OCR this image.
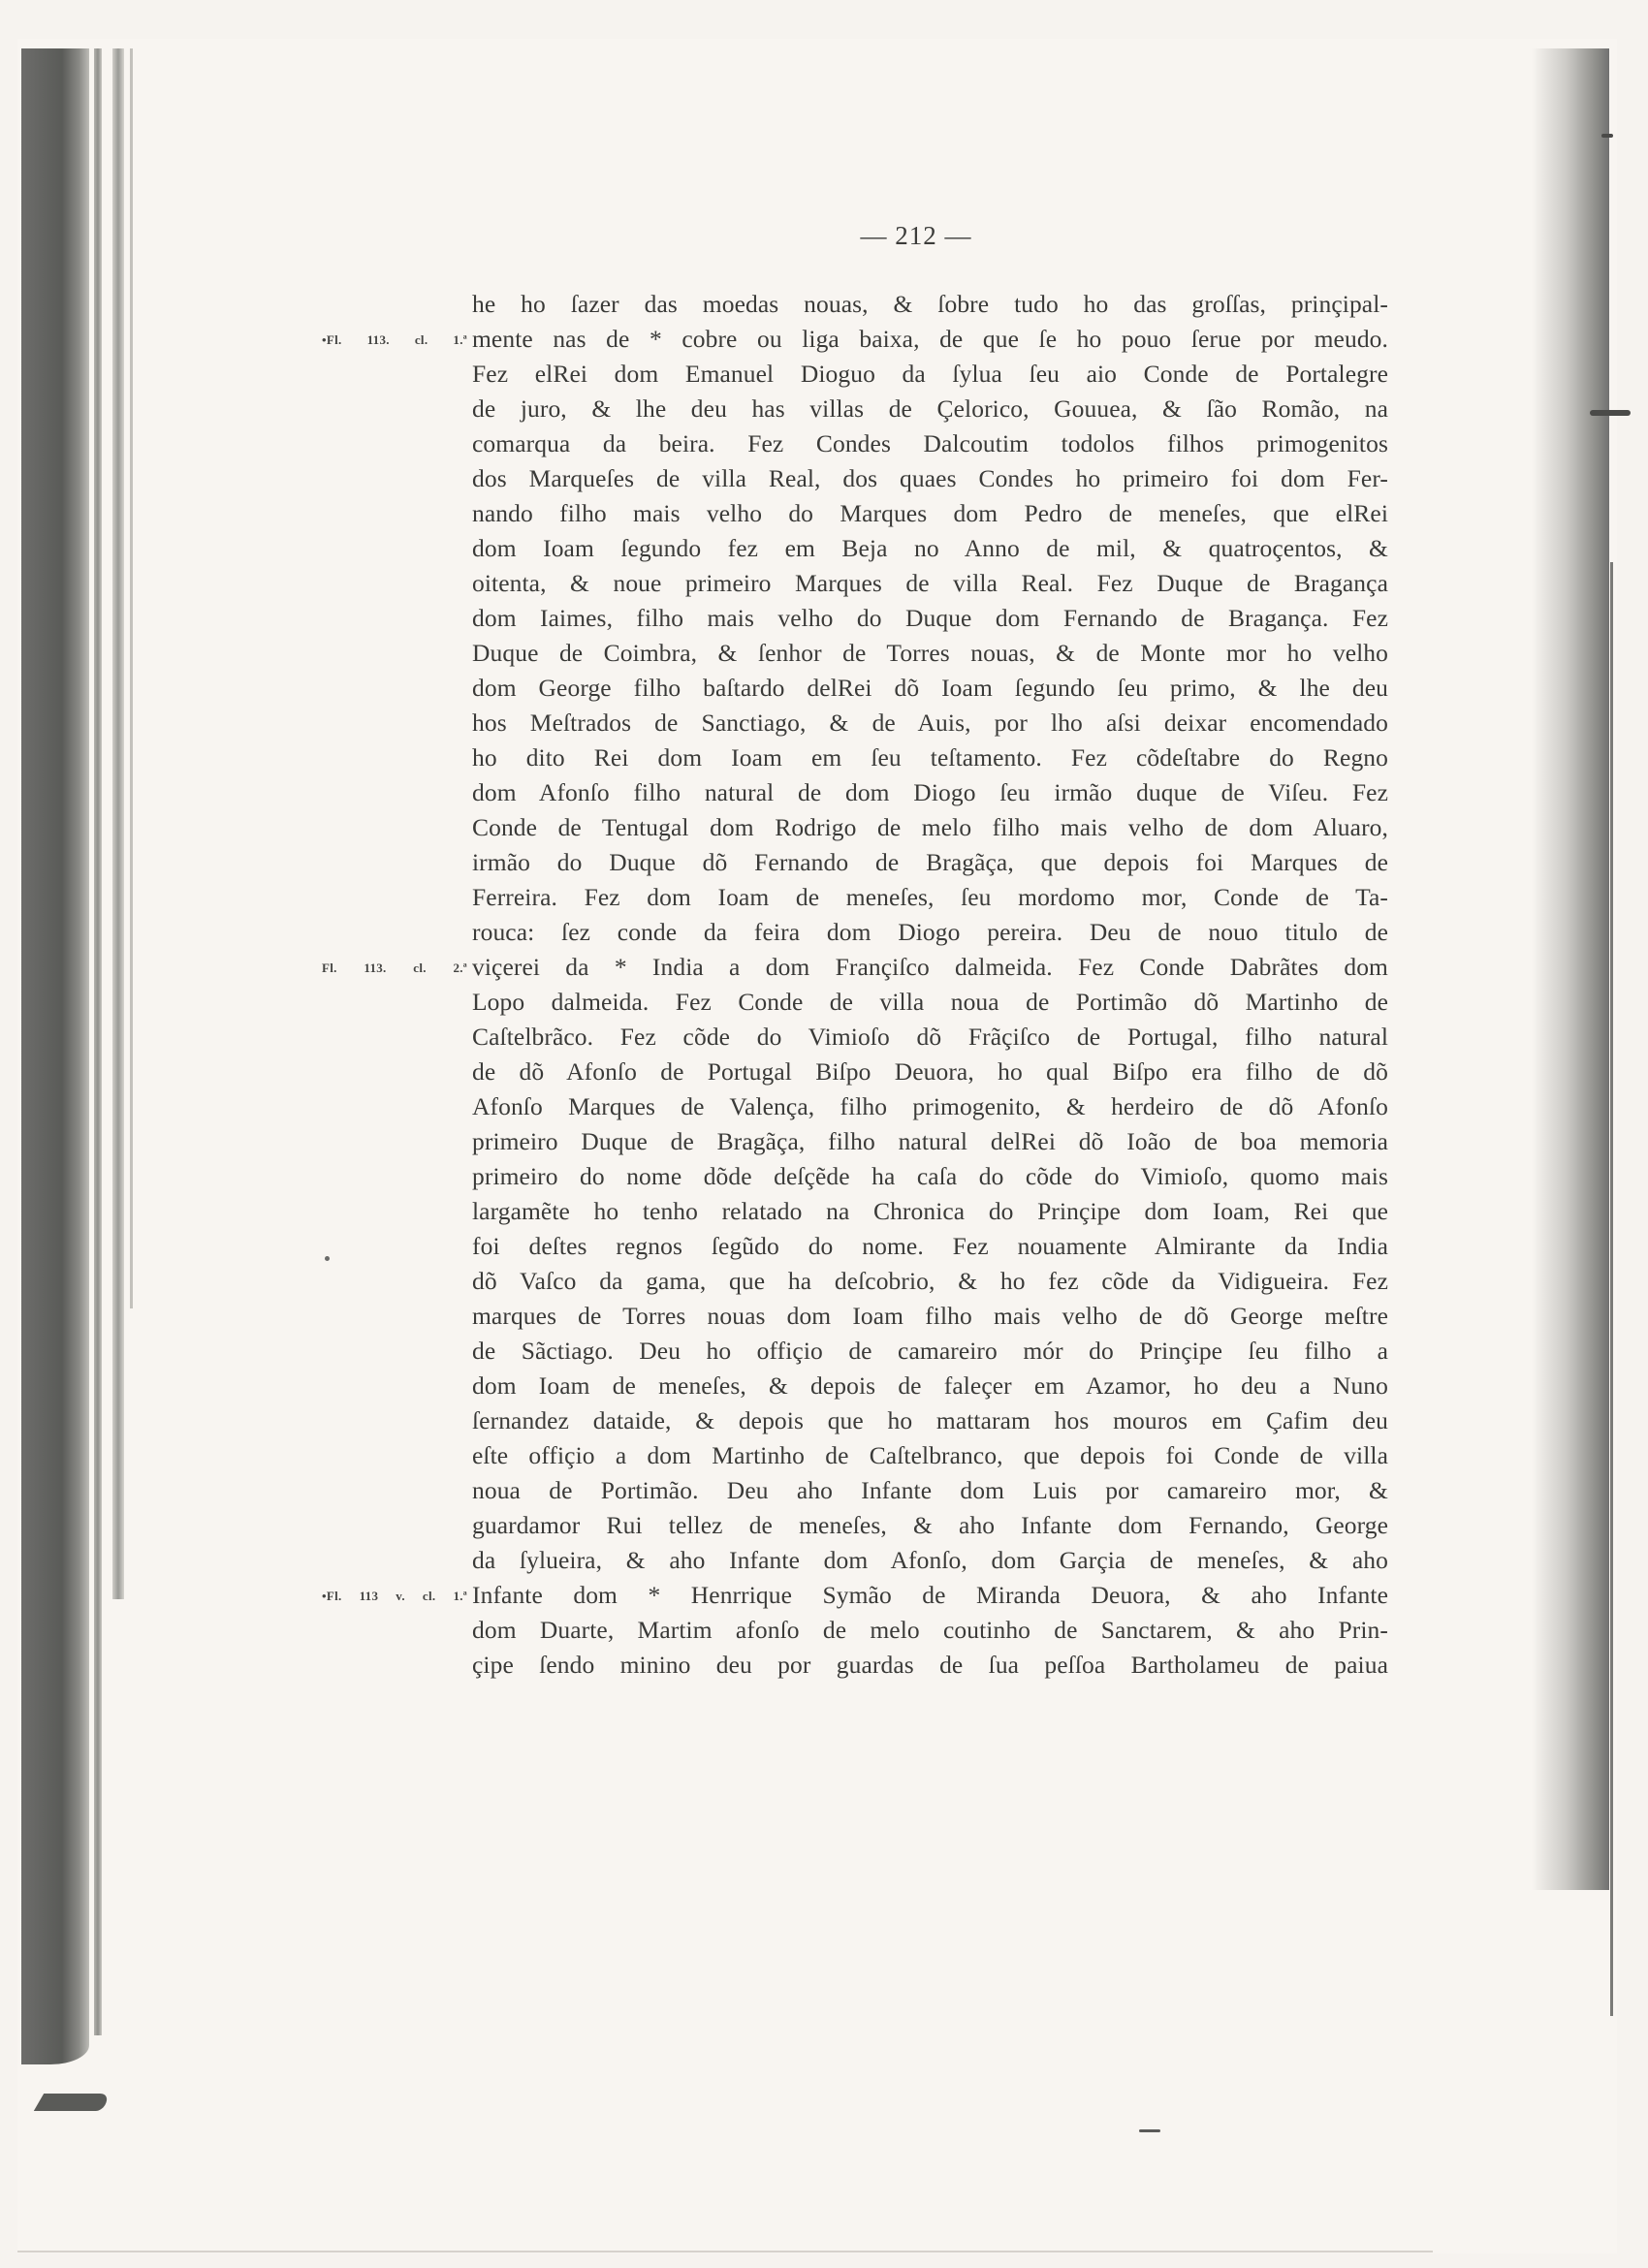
— 212 —
he ho ſazer das moedas nouas, & ſobre tudo ho das groſſas, prinçipal-
•Fl. 113. cl. 1.ª mente nas de * cobre ou liga baixa, de que ſe ho pouo ſerue por meudo.
Fez elRei dom Emanuel Dioguo da ſylua ſeu aio Conde de Portalegre
de juro, & lhe deu has villas de Çelorico, Gouuea, & ſão Romão, na
comarqua da beira. Fez Condes Dalcoutim todolos filhos primogenitos
dos Marqueſes de villa Real, dos quaes Condes ho primeiro foi dom Fer-
nando filho mais velho do Marques dom Pedro de meneſes, que elRei
dom Ioam ſegundo fez em Beja no Anno de mil, & quatroçentos, &
oitenta, & noue primeiro Marques de villa Real. Fez Duque de Bragança
dom Iaimes, filho mais velho do Duque dom Fernando de Bragança. Fez
Duque de Coimbra, & ſenhor de Torres nouas, & de Monte mor ho velho
dom George filho baſtardo delRei dõ Ioam ſegundo ſeu primo, & lhe deu
hos Meſtrados de Sanctiago, & de Auis, por lho aſsi deixar encomendado
ho dito Rei dom Ioam em ſeu teſtamento. Fez cõdeſtabre do Regno
dom Afonſo filho natural de dom Diogo ſeu irmão duque de Viſeu. Fez
Conde de Tentugal dom Rodrigo de melo filho mais velho de dom Aluaro,
irmão do Duque dõ Fernando de Bragãça, que depois foi Marques de
Ferreira. Fez dom Ioam de meneſes, ſeu mordomo mor, Conde de Ta-
rouca: ſez conde da feira dom Diogo pereira. Deu de nouo titulo de
Fl. 113. cl. 2.ª viçerei da * India a dom Françiſco dalmeida. Fez Conde Dabrãtes dom
Lopo dalmeida. Fez Conde de villa noua de Portimão dõ Martinho de
Caſtelbrãco. Fez cõde do Vimioſo dõ Frãçiſco de Portugal, filho natural
de dõ Afonſo de Portugal Biſpo Deuora, ho qual Biſpo era filho de dõ
Afonſo Marques de Valença, filho primogenito, & herdeiro de dõ Afonſo
primeiro Duque de Bragãça, filho natural delRei dõ Ioão de boa memoria
primeiro do nome dõde deſçẽde ha caſa do cõde do Vimioſo, quomo mais
largamẽte ho tenho relatado na Chronica do Prinçipe dom Ioam, Rei que
foi deſtes regnos ſegũdo do nome. Fez nouamente Almirante da India
dõ Vaſco da gama, que ha deſcobrio, & ho fez cõde da Vidigueira. Fez
marques de Torres nouas dom Ioam filho mais velho de dõ George meſtre
de Sãctiago. Deu ho offiçio de camareiro mór do Prinçipe ſeu filho a
dom Ioam de meneſes, & depois de faleçer em Azamor, ho deu a Nuno
ſernandez dataide, & depois que ho mattaram hos mouros em Çafim deu
eſte offiçio a dom Martinho de Caſtelbranco, que depois foi Conde de villa
noua de Portimão. Deu aho Infante dom Luis por camareiro mor, &
guardamor Rui tellez de meneſes, & aho Infante dom Fernando, George
da ſylueira, & aho Infante dom Afonſo, dom Garçia de meneſes, & aho
•Fl. 113 v. cl. 1.ª Infante dom * Henrrique Symão de Miranda Deuora, & aho Infante
dom Duarte, Martim afonſo de melo coutinho de Sanctarem, & aho Prin-
çipe ſendo minino deu por guardas de ſua peſſoa Bartholameu de paiua
